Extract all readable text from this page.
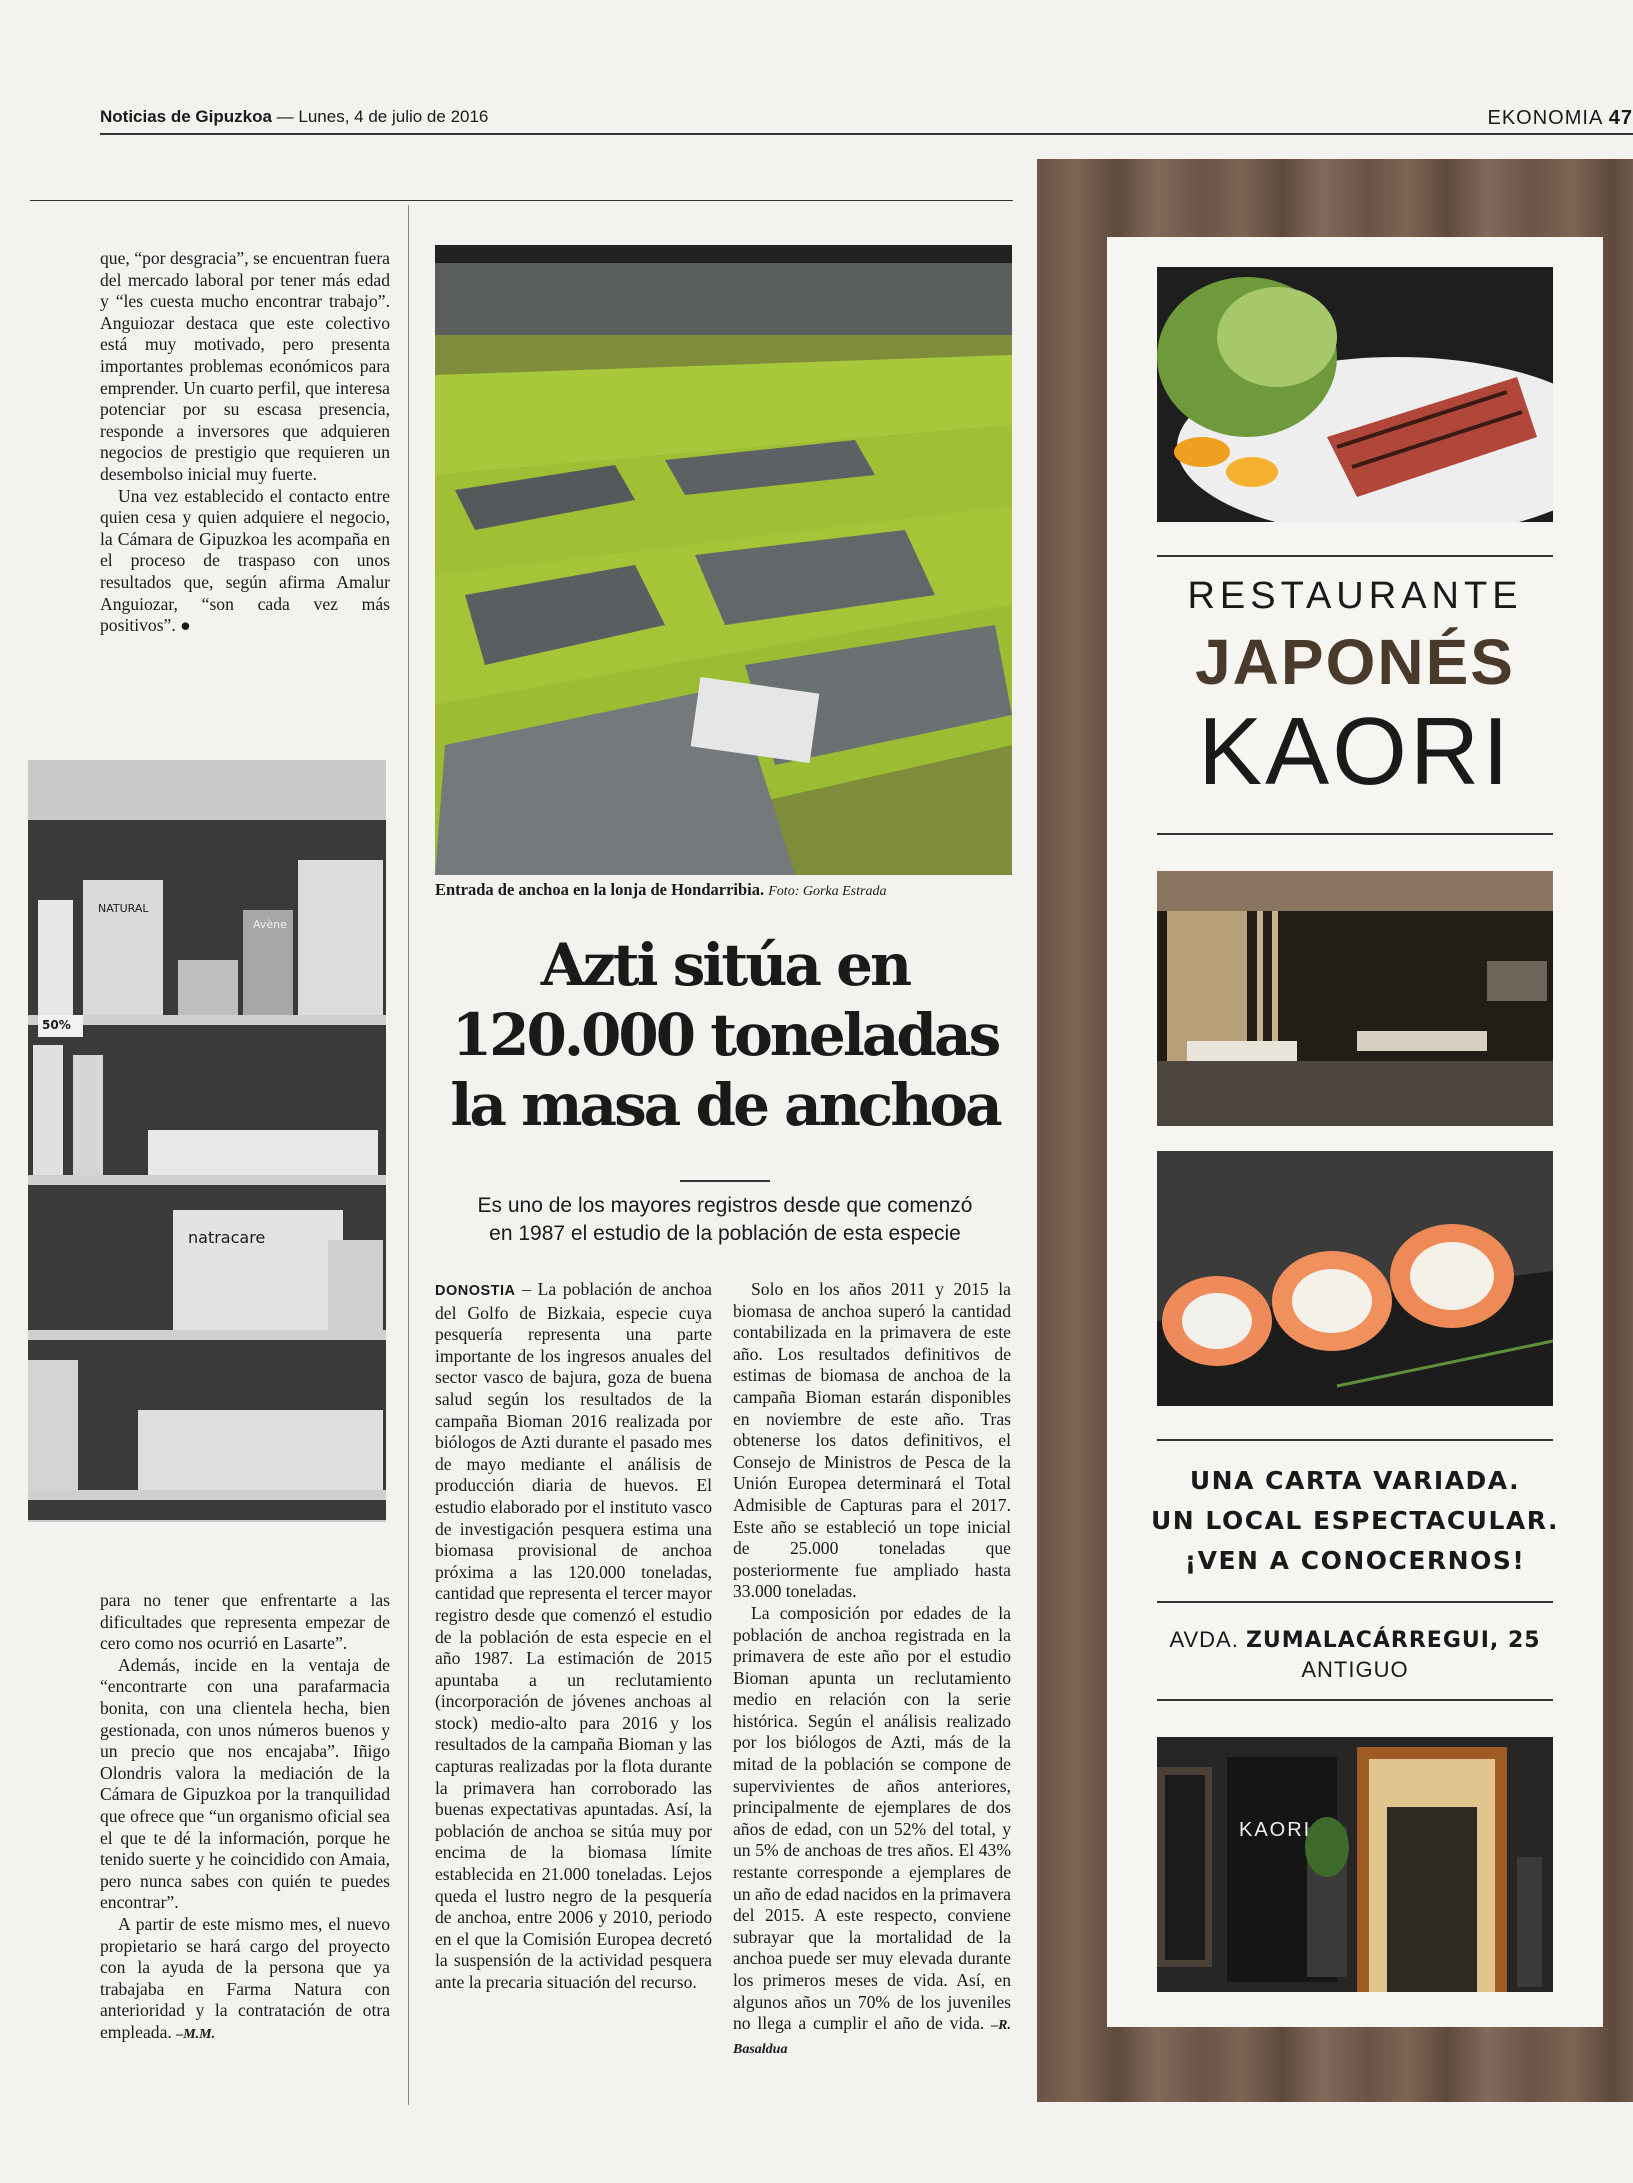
Noticias de Gipuzkoa — Lunes, 4 de julio de 2016	EKONOMIA 47

que, “por desgracia”, se encuentran fuera del mercado laboral por tener más edad y “les cuesta mucho encontrar trabajo”. Anguiozar destaca que este colectivo está muy motivado, pero presenta importantes problemas económicos para emprender. Un cuarto perfil, que interesa potenciar por su escasa presencia, responde a inversores que adquieren negocios de prestigio que requieren un desembolso inicial muy fuerte.

Una vez establecido el contacto entre quien cesa y quien adquiere el negocio, la Cámara de Gipuzkoa les acompaña en el proceso de traspaso con unos resultados que, según afirma Amalur Anguiozar, “son cada vez más positivos”. ●

NATURAL
Avène
natracare
50%

para no tener que enfrentarte a las dificultades que representa empezar de cero como nos ocurrió en Lasarte”.

Además, incide en la ventaja de “encontrarte con una parafarmacia bonita, con una clientela hecha, bien gestionada, con unos números buenos y un precio que nos encajaba”. Iñigo Olondris valora la mediación de la Cámara de Gipuzkoa por la tranquilidad que ofrece que “un organismo oficial sea el que te dé la información, porque he tenido suerte y he coincidido con Amaia, pero nunca sabes con quién te puedes encontrar”.

A partir de este mismo mes, el nuevo propietario se hará cargo del proyecto con la ayuda de la persona que ya trabajaba en Farma Natura con anterioridad y la contratación de otra empleada. –M.M.

Entrada de anchoa en la lonja de Hondarribia. Foto: Gorka Estrada
Azti sitúa en
120.000 toneladas
la masa de anchoa
Es uno de los mayores registros desde que comenzó
en 1987 el estudio de la población de esta especie

DONOSTIA – La población de anchoa del Golfo de Bizkaia, especie cuya pesquería representa una parte importante de los ingresos anuales del sector vasco de bajura, goza de buena salud según los resultados de la campaña Bioman 2016 realizada por biólogos de Azti durante el pasado mes de mayo mediante el análisis de producción diaria de huevos. El estudio elaborado por el instituto vasco de investigación pesquera estima una biomasa provisional de anchoa próxima a las 120.000 toneladas, cantidad que representa el tercer mayor registro desde que comenzó el estudio de la población de esta especie en el año 1987. La estimación de 2015 apuntaba a un reclutamiento (incorporación de jóvenes anchoas al stock) medio-alto para 2016 y los resultados de la campaña Bioman y las capturas realizadas por la flota durante la primavera han corroborado las buenas expectativas apuntadas. Así, la población de anchoa se sitúa muy por encima de la biomasa límite establecida en 21.000 toneladas. Lejos queda el lustro negro de la pesquería de anchoa, entre 2006 y 2010, periodo en el que la Comisión Europea decretó la suspensión de la actividad pesquera ante la precaria situación del recurso.

Solo en los años 2011 y 2015 la biomasa de anchoa superó la cantidad contabilizada en la primavera de este año. Los resultados definitivos de estimas de biomasa de anchoa de la campaña Bioman estarán disponibles en noviembre de este año. Tras obtenerse los datos definitivos, el Consejo de Ministros de Pesca de la Unión Europea determinará el Total Admisible de Capturas para el 2017. Este año se estableció un tope inicial de 25.000 toneladas que posteriormente fue ampliado hasta 33.000 toneladas.

La composición por edades de la población de anchoa registrada en la primavera de este año por el estudio Bioman apunta un reclutamiento medio en relación con la serie histórica. Según el análisis realizado por los biólogos de Azti, más de la mitad de la población se compone de supervivientes de años anteriores, principalmente de ejemplares de dos años de edad, con un 52% del total, y un 5% de anchoas de tres años. El 43% restante corresponde a ejemplares de un año de edad nacidos en la primavera del 2015. A este respecto, conviene subrayar que la mortalidad de la anchoa puede ser muy elevada durante los primeros meses de vida. Así, en algunos años un 70% de los juveniles no llega a cumplir el año de vida. –R. Basaldua

RESTAURANTE
JAPONÉS
KAORI
UNA CARTA VARIADA.
UN LOCAL ESPECTACULAR.
¡VEN A CONOCERNOS!
AVDA. ZUMALACÁRREGUI, 25
ANTIGUO
KAORI
